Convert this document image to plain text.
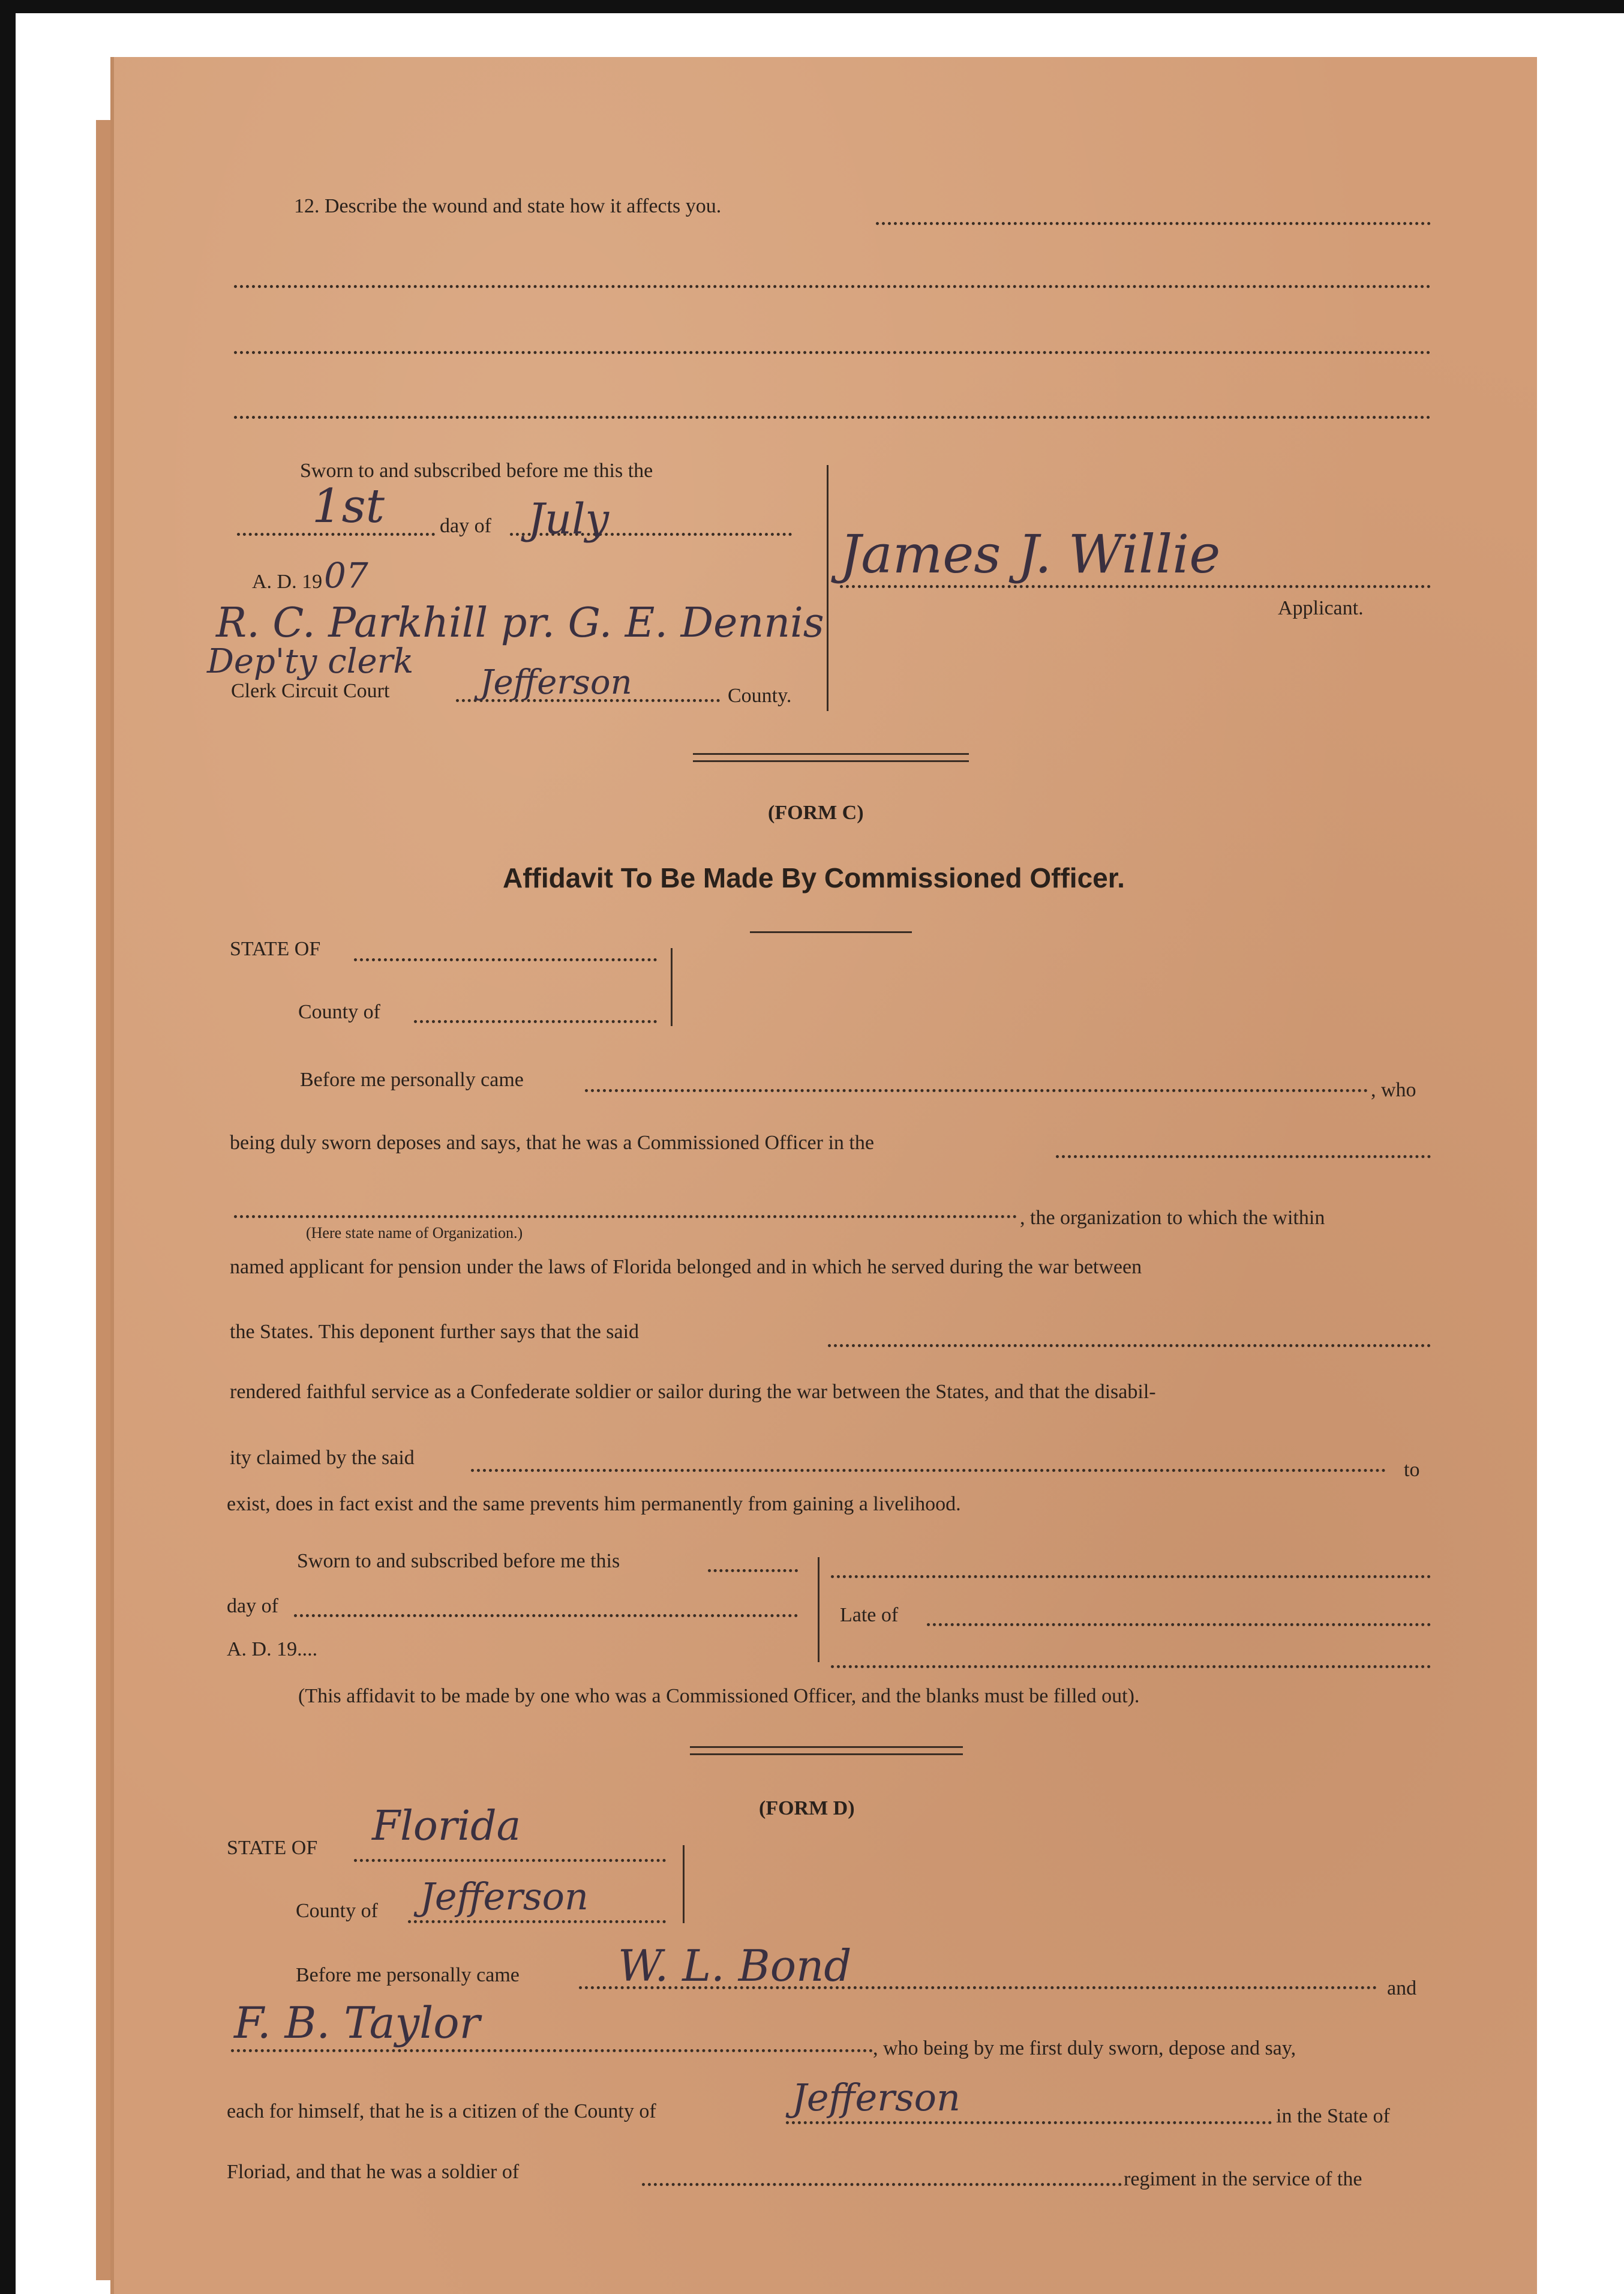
12. Describe the wound and state how it affects you.
Sworn to and subscribed before me this the
1st	day of July
A. D. 19 07
R. C. Parkhill pr. G. E. Dennis
Dep'ty clerk
Clerk Circuit Court	Jefferson	County.
James J. Willie
Applicant.
(FORM C)
Affidavit To Be Made By Commissioned Officer.
STATE OF
County of
Before me personally came	, who
being duly sworn deposes and says, that he was a Commissioned Officer in the
(Here state name of Organization.)
, the organization to which the within
named applicant for pension under the laws of Florida belonged and in which he served during the war between
the States. This deponent further says that the said
rendered faithful service as a Confederate soldier or sailor during the war between the States, and that the disabil-
ity claimed by the said
to
exist, does in fact exist and the same prevents him permanently from gaining a livelihood.
Sworn to and subscribed before me this
day of
A. D. 19....
Late of
(This affidavit to be made by one who was a Commissioned Officer, and the blanks must be filled out).
(FORM D)
STATE OF Florida
County of Jefferson
Before me personally came W. L. Bond	and
F. B. Taylor
, who being by me first duly sworn, depose and say,
each for himself, that he is a citizen of the County of	Jefferson	in the State of
Floriad, and that he was a soldier of	regiment in the service of the
